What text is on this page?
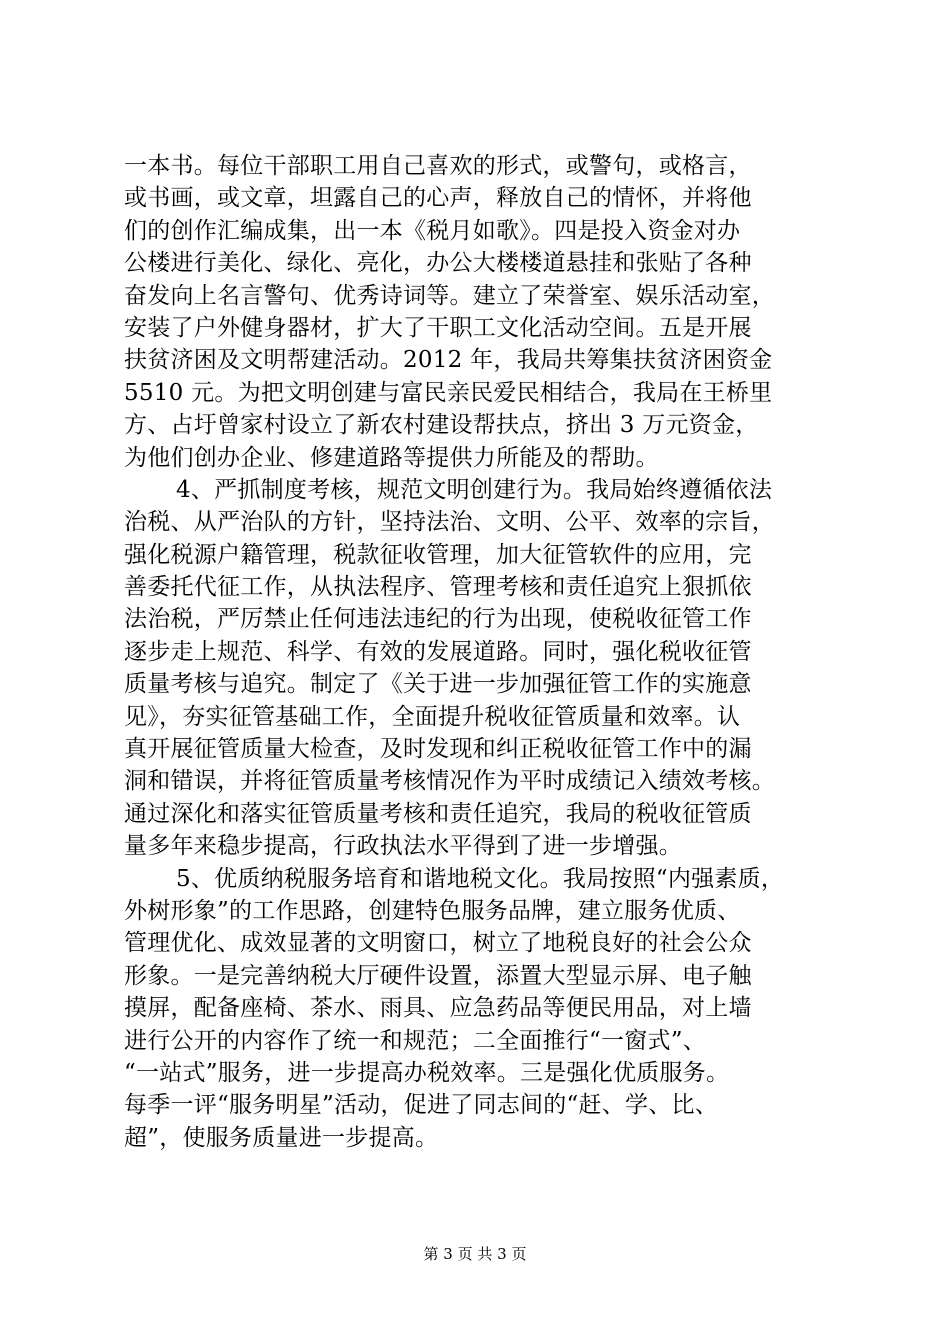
一本书。每位干部职工用自己喜欢的形式，或警句，或格言，
或书画，或文章，坦露自己的心声，释放自己的情怀，并将他
们的创作汇编成集，出一本《税月如歌》。四是投入资金对办
公楼进行美化、绿化、亮化，办公大楼楼道悬挂和张贴了各种
奋发向上名言警句、优秀诗词等。建立了荣誉室、娱乐活动室，
安装了户外健身器材，扩大了干职工文化活动空间。五是开展
扶贫济困及文明帮建活动。2012 年，我局共筹集扶贫济困资金
5510 元。为把文明创建与富民亲民爱民相结合，我局在王桥里
方、占圩曾家村设立了新农村建设帮扶点，挤出 3 万元资金，
为他们创办企业、修建道路等提供力所能及的帮助。
4、严抓制度考核，规范文明创建行为。我局始终遵循依法
治税、从严治队的方针，坚持法治、文明、公平、效率的宗旨，
强化税源户籍管理，税款征收管理，加大征管软件的应用，完
善委托代征工作，从执法程序、管理考核和责任追究上狠抓依
法治税，严厉禁止任何违法违纪的行为出现，使税收征管工作
逐步走上规范、科学、有效的发展道路。同时，强化税收征管
质量考核与追究。制定了《关于进一步加强征管工作的实施意
见》，夯实征管基础工作，全面提升税收征管质量和效率。认
真开展征管质量大检查，及时发现和纠正税收征管工作中的漏
洞和错误，并将征管质量考核情况作为平时成绩记入绩效考核。
通过深化和落实征管质量考核和责任追究，我局的税收征管质
量多年来稳步提高，行政执法水平得到了进一步增强。
5、优质纳税服务培育和谐地税文化。我局按照“内强素质，
外树形象”的工作思路，创建特色服务品牌，建立服务优质、
管理优化、成效显著的文明窗口，树立了地税良好的社会公众
形象。一是完善纳税大厅硬件设置，添置大型显示屏、电子触
摸屏，配备座椅、茶水、雨具、应急药品等便民用品，对上墙
进行公开的内容作了统一和规范；二全面推行“一窗式”、
“一站式”服务，进一步提高办税效率。三是强化优质服务。
每季一评“服务明星”活动，促进了同志间的“赶、学、比、
超”，使服务质量进一步提高。
第 3 页 共 3 页
